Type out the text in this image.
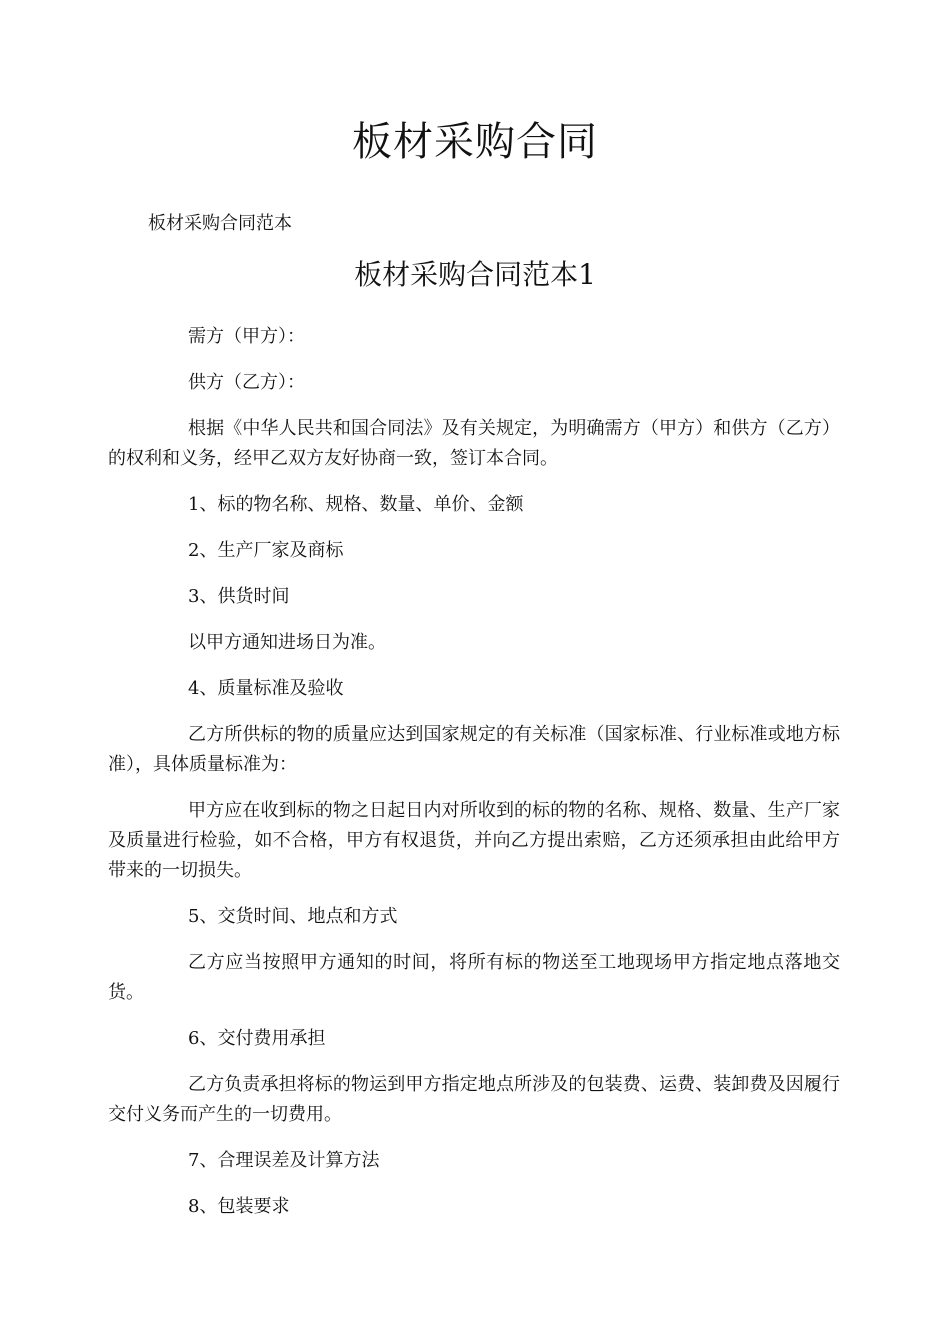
板材采购合同
板材采购合同范本
板材采购合同范本1

需方（甲方）：

供方（乙方）：

根据《中华人民共和国合同法》及有关规定，为明确需方（甲方）和供方（乙方）的权利和义务，经甲乙双方友好协商一致，签订本合同。

1、标的物名称、规格、数量、单价、金额

2、生产厂家及商标

3、供货时间

以甲方通知进场日为准。

4、质量标准及验收

乙方所供标的物的质量应达到国家规定的有关标准（国家标准、行业标准或地方标准），具体质量标准为：

甲方应在收到标的物之日起日内对所收到的标的物的名称、规格、数量、生产厂家及质量进行检验，如不合格，甲方有权退货，并向乙方提出索赔，乙方还须承担由此给甲方带来的一切损失。

5、交货时间、地点和方式

乙方应当按照甲方通知的时间，将所有标的物送至工地现场甲方指定地点落地交货。

6、交付费用承担

乙方负责承担将标的物运到甲方指定地点所涉及的包装费、运费、装卸费及因履行交付义务而产生的一切费用。

7、合理误差及计算方法

8、包装要求
